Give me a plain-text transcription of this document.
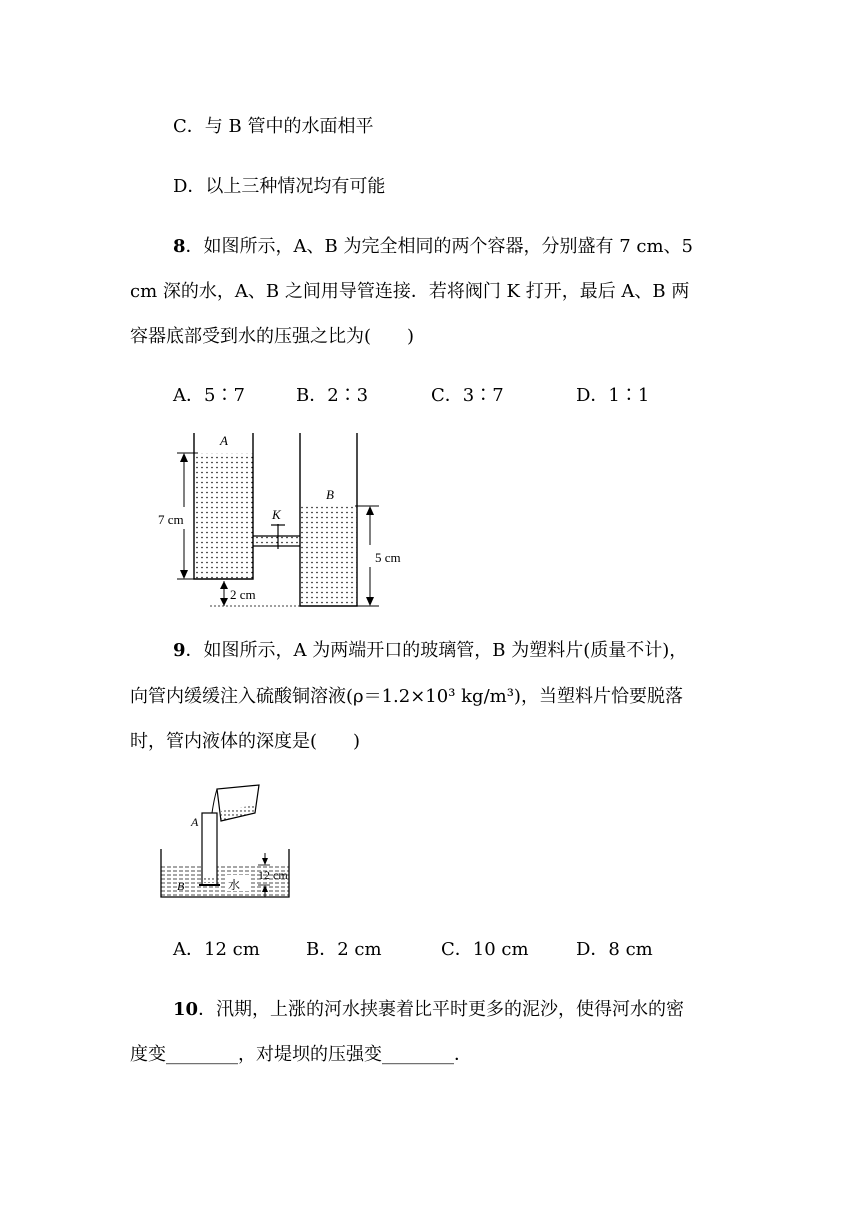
C．与 B 管中的水面相平
D．以上三种情况均有可能
8．如图所示，A、B 为完全相同的两个容器，分别盛有 7 cm、5
cm 深的水，A、B 之间用导管连接．若将阀门 K 打开，最后 A、B 两
容器底部受到水的压强之比为(　　)
A．5∶7	B．2∶3	C．3∶7	D．1∶1
A
B
K
7 cm
5 cm
2 cm
9．如图所示，A 为两端开口的玻璃管，B 为塑料片(质量不计)，
向管内缓缓注入硫酸铜溶液(ρ＝1.2×10³ kg/m³)，当塑料片恰要脱落
时，管内液体的深度是(　　)
A
B	水
12 cm
A．12 cm	B．2 cm	C．10 cm	D．8 cm
10．汛期，上涨的河水挟裹着比平时更多的泥沙，使得河水的密
度变________，对堤坝的压强变________．
